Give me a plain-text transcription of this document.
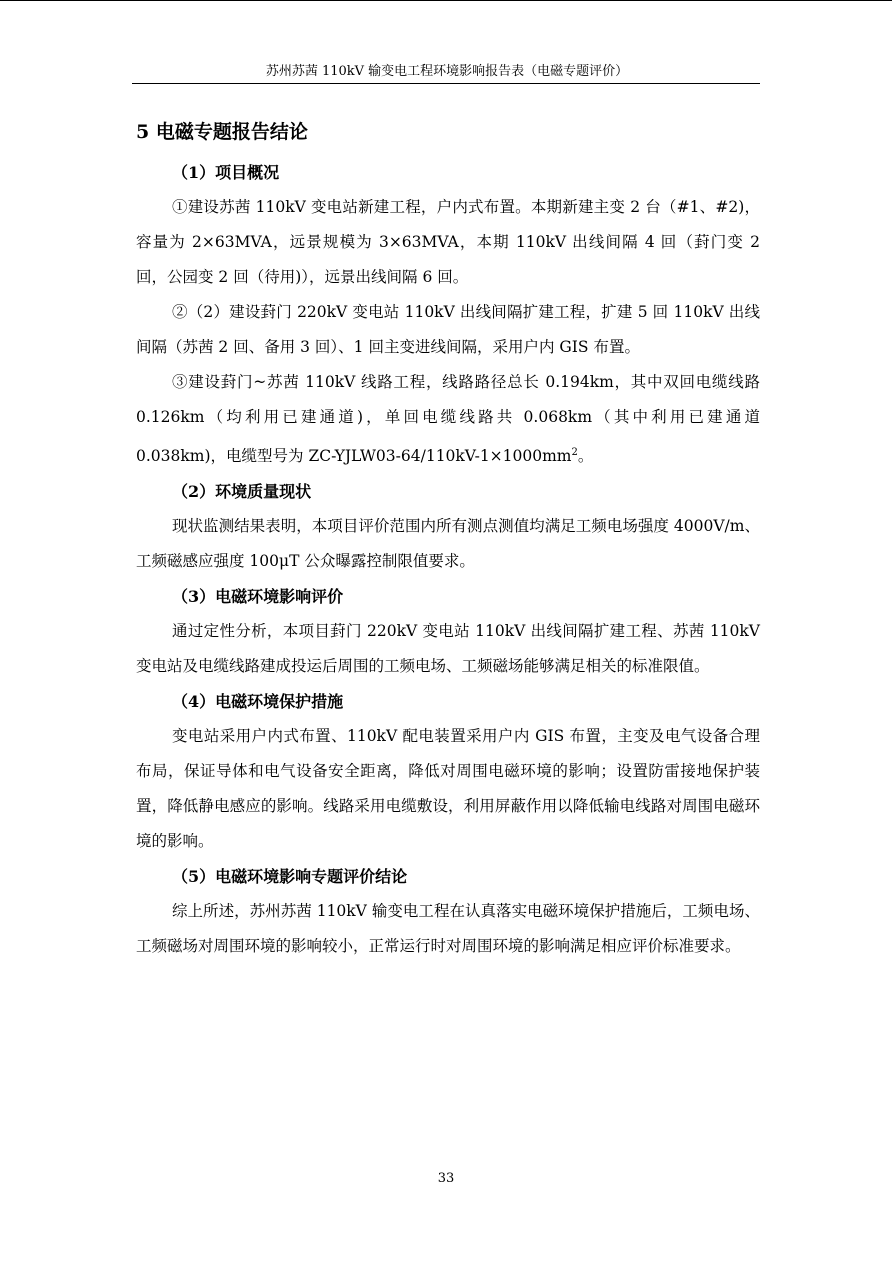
苏州苏茜 110kV 输变电工程环境影响报告表（电磁专题评价）
5 电磁专题报告结论
（1）项目概况

①建设苏茜 110kV 变电站新建工程，户内式布置。本期新建主变 2 台（#1、#2)，容量为 2×63MVA，远景规模为 3×63MVA，本期 110kV 出线间隔 4 回（葑门变 2 回，公园变 2 回（待用)），远景出线间隔 6 回。

②（2）建设葑门 220kV 变电站 110kV 出线间隔扩建工程，扩建 5 回 110kV 出线间隔（苏茜 2 回、备用 3 回）、1 回主变进线间隔，采用户内 GIS 布置。

③建设葑门~苏茜 110kV 线路工程，线路路径总长 0.194km，其中双回电缆线路 0.126km（均利用已建通道)，单回电缆线路共 0.068km（其中利用已建通道 0.038km)，电缆型号为 $ZC-YJLW03-64/110kV-1\times 1000mm^2$。

（2）环境质量现状

现状监测结果表明，本项目评价范围内所有测点测值均满足工频电场强度 4000V/m、工频磁感应强度 100μT 公众曝露控制限值要求。

（3）电磁环境影响评价

通过定性分析，本项目葑门 220kV 变电站 110kV 出线间隔扩建工程、苏茜 110kV 变电站及电缆线路建成投运后周围的工频电场、工频磁场能够满足相关的标准限值。

（4）电磁环境保护措施

变电站采用户内式布置、110kV 配电装置采用户内 GIS 布置，主变及电气设备合理布局，保证导体和电气设备安全距离，降低对周围电磁环境的影响；设置防雷接地保护装置，降低静电感应的影响。线路采用电缆敷设，利用屏蔽作用以降低输电线路对周围电磁环境的影响。

（5）电磁环境影响专题评价结论

综上所述，苏州苏茜 110kV 输变电工程在认真落实电磁环境保护措施后，工频电场、工频磁场对周围环境的影响较小，正常运行时对周围环境的影响满足相应评价标准要求。

33
